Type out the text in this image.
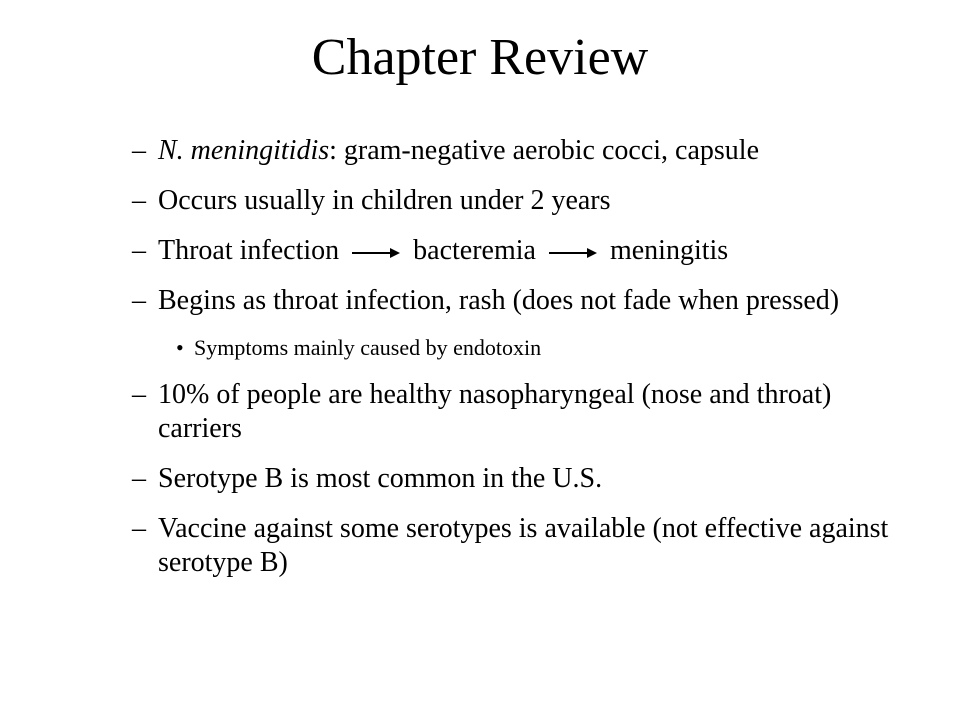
Chapter Review
– N. meningitidis: gram-negative aerobic cocci, capsule
– Occurs usually in children under 2 years
– Throat infection	bacteremia	meningitis
– Begins as throat infection, rash (does not fade when pressed)
• Symptoms mainly caused by endotoxin
– 10% of people are healthy nasopharyngeal (nose and throat) carriers
– Serotype B is most common in the U.S.
– Vaccine against some serotypes is available (not effective against serotype B)
